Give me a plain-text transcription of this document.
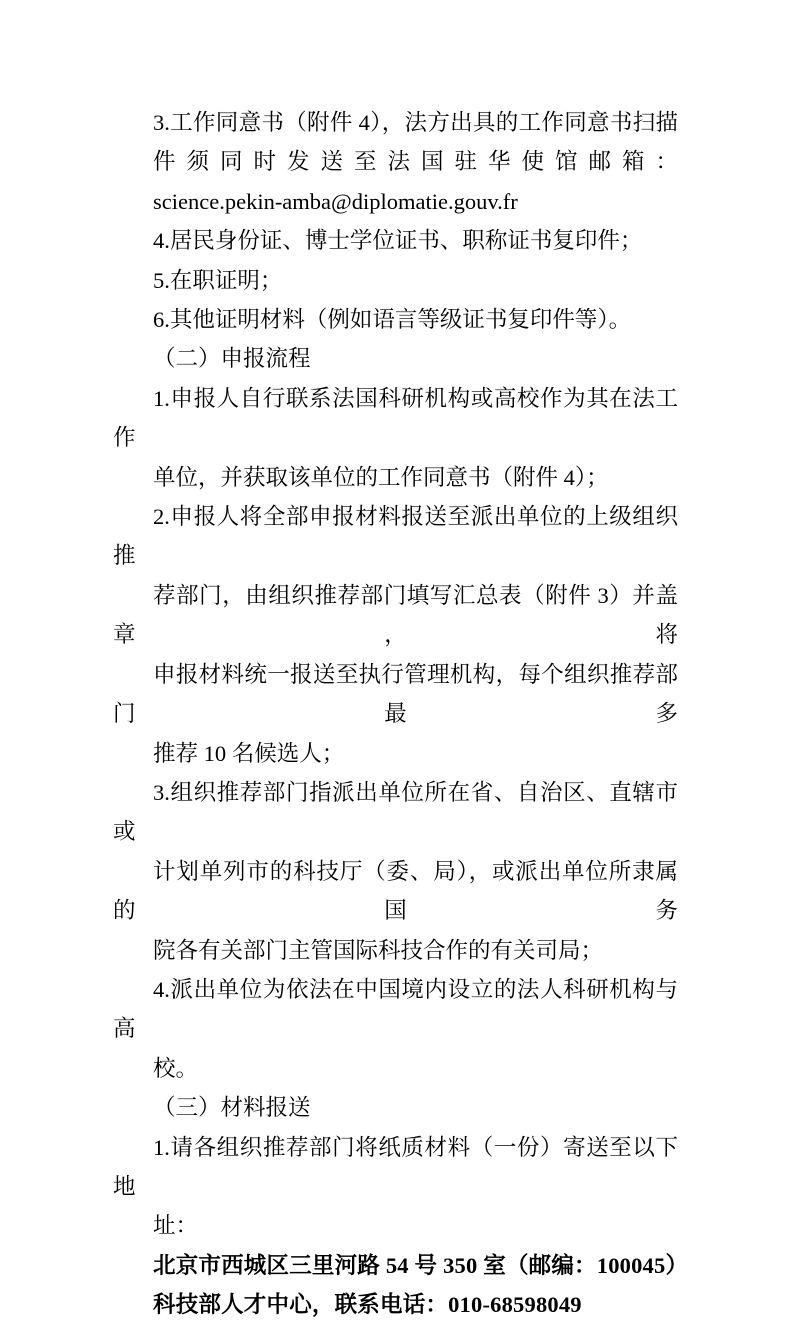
3.工作同意书（附件 4），法方出具的工作同意书扫描
件须同时发送至法国驻华使馆邮箱：
science.pekin-amba@diplomatie.gouv.fr

4.居民身份证、博士学位证书、职称证书复印件；

5.在职证明；

6.其他证明材料（例如语言等级证书复印件等）。

（二）申报流程

1.申报人自行联系法国科研机构或高校作为其在法工作
单位，并获取该单位的工作同意书（附件 4）；

2.申报人将全部申报材料报送至派出单位的上级组织推
荐部门，由组织推荐部门填写汇总表（附件 3）并盖章，将
申报材料统一报送至执行管理机构，每个组织推荐部门最多
推荐 10 名候选人；

3.组织推荐部门指派出单位所在省、自治区、直辖市或
计划单列市的科技厅（委、局），或派出单位所隶属的国务
院各有关部门主管国际科技合作的有关司局；

4.派出单位为依法在中国境内设立的法人科研机构与高
校。

（三）材料报送

1.请各组织推荐部门将纸质材料（一份）寄送至以下地
址：

北京市西城区三里河路 54 号 350 室（邮编：100045）

科技部人才中心，联系电话：010-68598049
